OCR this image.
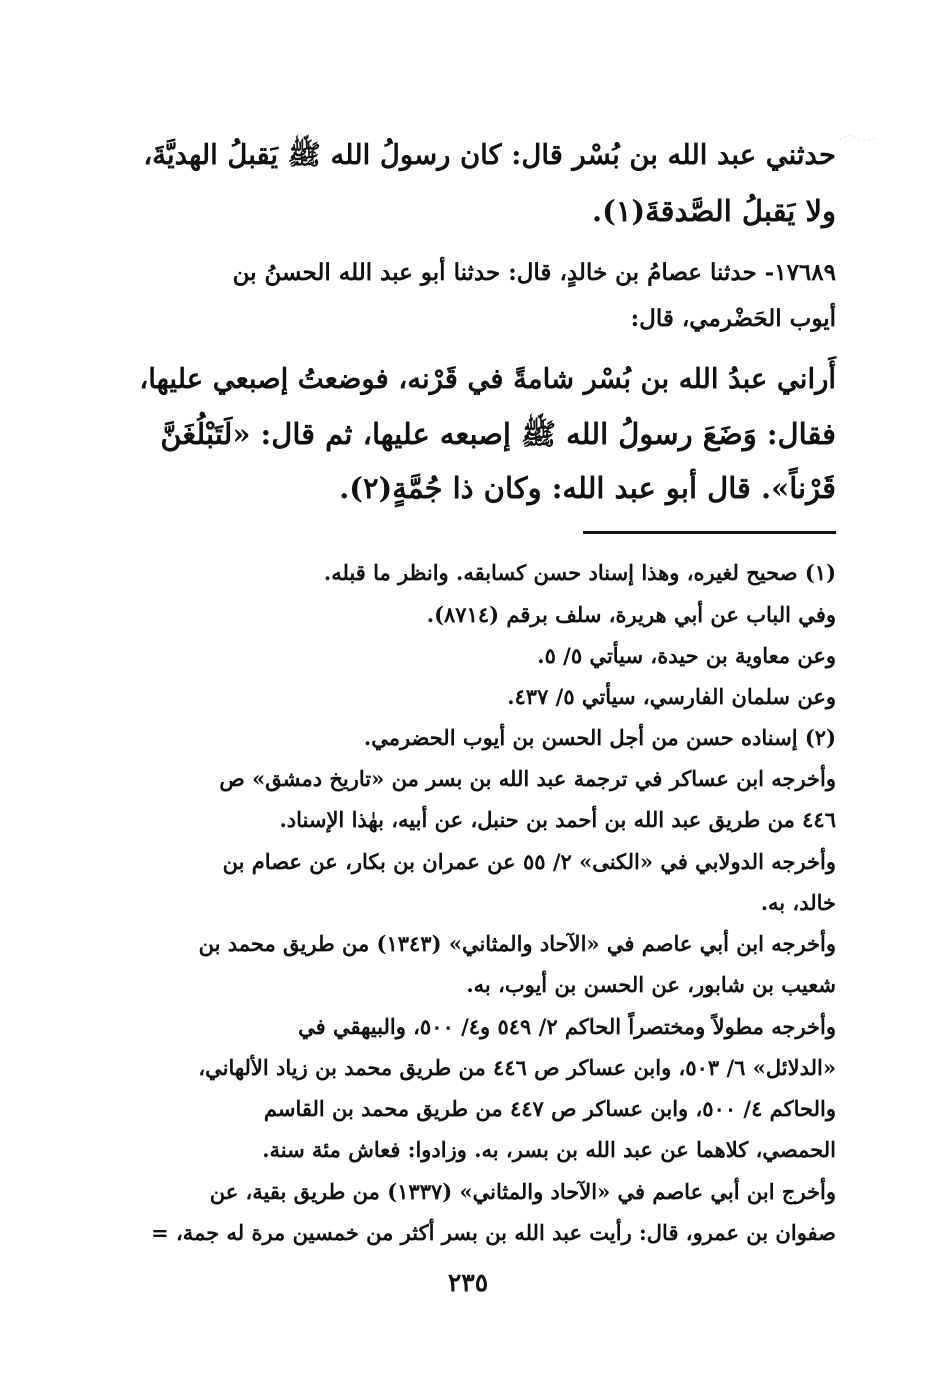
حدثني عبد الله بن بُسْر قال: كان رسولُ الله ﷺ يَقبلُ الهديَّةَ،
ولا يَقبلُ الصَّدقةَ(١).
١٧٦٨٩- حدثنا عصامُ بن خالدٍ، قال: حدثنا أبو عبد الله الحسنُ بن
أيوب الحَضْرمي، قال:
أَراني عبدُ الله بن بُسْر شامةً في قَرْنه، فوضعتُ إصبعي عليها،
فقال: وَضَعَ رسولُ الله ﷺ إصبعه عليها، ثم قال: «لَتَبْلُغَنَّ
قَرْناً». قال أبو عبد الله: وكان ذا جُمَّةٍ(٢).
(١) صحيح لغيره، وهذا إسناد حسن كسابقه. وانظر ما قبله.
وفي الباب عن أبي هريرة، سلف برقم (٨٧١٤).
وعن معاوية بن حيدة، سيأتي ٥/ ٥.
وعن سلمان الفارسي، سيأتي ٥/ ٤٣٧.
(٢) إسناده حسن من أجل الحسن بن أيوب الحضرمي.
وأخرجه ابن عساكر في ترجمة عبد الله بن بسر من «تاريخ دمشق» ص
٤٤٦ من طريق عبد الله بن أحمد بن حنبل، عن أبيه، بهٰذا الإسناد.
وأخرجه الدولابي في «الكنى» ٢/ ٥٥ عن عمران بن بكار، عن عصام بن
خالد، به.
وأخرجه ابن أبي عاصم في «الآحاد والمثاني» (١٣٤٣) من طريق محمد بن
شعيب بن شابور، عن الحسن بن أيوب، به.
وأخرجه مطولاً ومختصراً الحاكم ٢/ ٥٤٩ و٤/ ٥٠٠، والبيهقي في
«الدلائل» ٦/ ٥٠٣، وابن عساكر ص ٤٤٦ من طريق محمد بن زياد الألهاني،
والحاكم ٤/ ٥٠٠، وابن عساكر ص ٤٤٧ من طريق محمد بن القاسم
الحمصي، كلاهما عن عبد الله بن بسر، به. وزادوا: فعاش مئة سنة.
وأخرج ابن أبي عاصم في «الآحاد والمثاني» (١٣٣٧) من طريق بقية، عن
صفوان بن عمرو، قال: رأيت عبد الله بن بسر أكثر من خمسين مرة له جمة، =
٢٣٥
